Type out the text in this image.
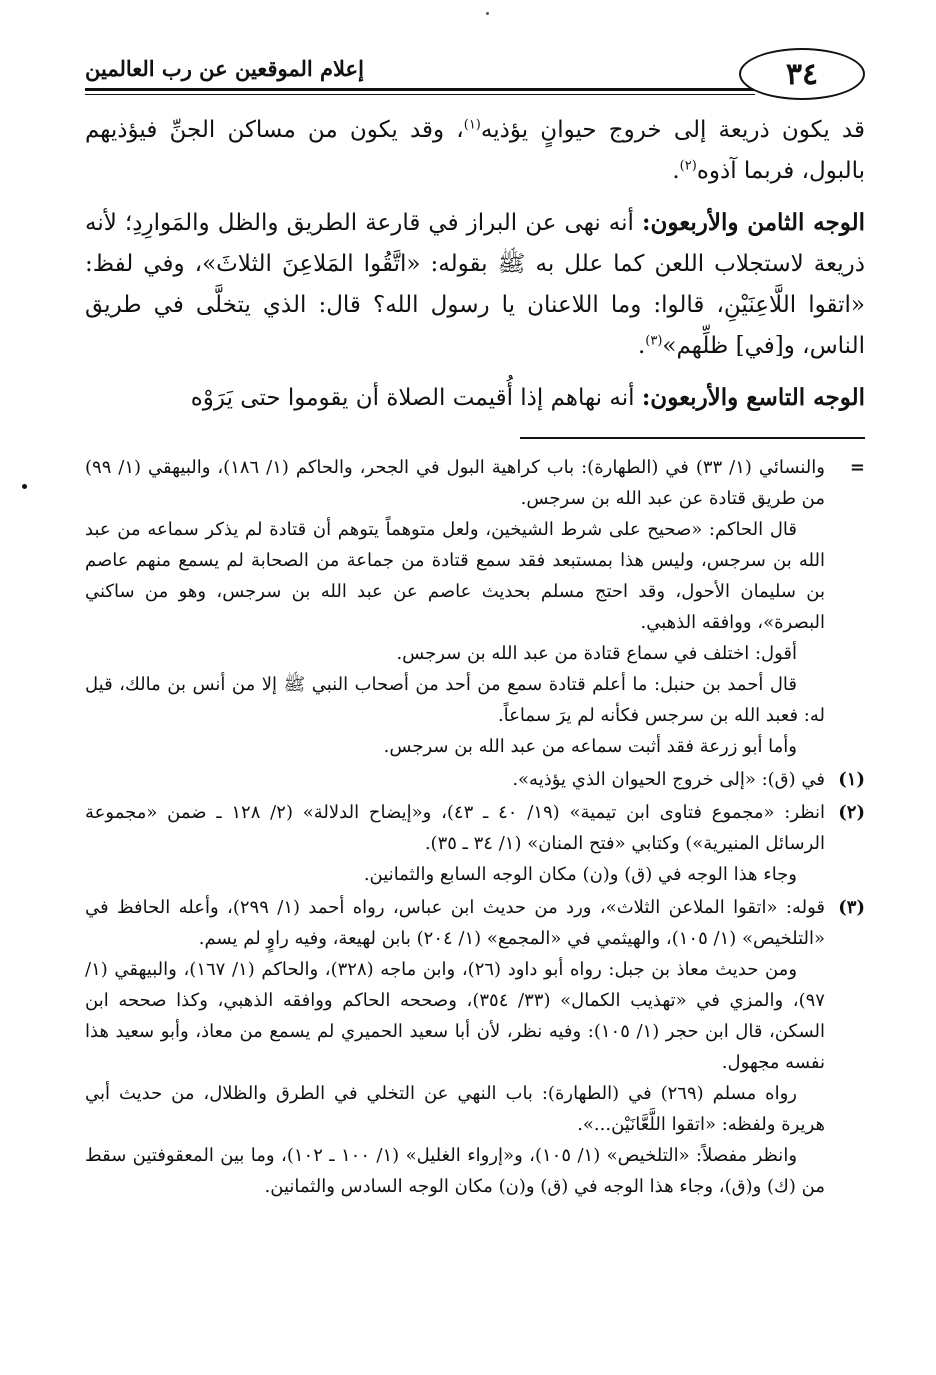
إعلام الموقعين عن رب العالمين	٣٤

قد يكون ذريعة إلى خروج حيوانٍ يؤذيه$^{(١)}$، وقد يكون من مساكن الجنِّ فيؤذيهم بالبول، فربما آذوه$^{(٢)}$.

الوجه الثامن والأربعون: أنه نهى عن البراز في قارعة الطريق والظل والمَوارِدِ؛ لأنه ذريعة لاستجلاب اللعن كما علل به ﷺ بقوله: «اتَّقُوا المَلاعِنَ الثلاثَ»، وفي لفظ: «اتقوا اللَّاعِنَيْنِ، قالوا: وما اللاعنان يا رسول الله؟ قال: الذي يتخلَّى في طريق الناس، و[في] ظلِّهم»$^{(٣)}$.

الوجه التاسع والأربعون: أنه نهاهم إذا أُقيمت الصلاة أن يقوموا حتى يَرَوْه

=

والنسائي (١/ ٣٣) في (الطهارة): باب كراهية البول في الجحر، والحاكم (١/ ١٨٦)، والبيهقي (١/ ٩٩) من طريق قتادة عن عبد الله بن سرجس.

قال الحاكم: «صحيح على شرط الشيخين، ولعل متوهماً يتوهم أن قتادة لم يذكر سماعه من عبد الله بن سرجس، وليس هذا بمستبعد فقد سمع قتادة من جماعة من الصحابة لم يسمع منهم عاصم بن سليمان الأحول، وقد احتج مسلم بحديث عاصم عن عبد الله بن سرجس، وهو من ساكني البصرة»، ووافقه الذهبي.

أقول: اختلف في سماع قتادة من عبد الله بن سرجس.

قال أحمد بن حنبل: ما أعلم قتادة سمع من أحد من أصحاب النبي ﷺ إلا من أنس بن مالك، قيل له: فعبد الله بن سرجس فكأنه لم يرَ سماعاً.

وأما أبو زرعة فقد أثبت سماعه من عبد الله بن سرجس.

(١)

في (ق): «إلى خروج الحيوان الذي يؤذيه».

(٢)

انظر: «مجموع فتاوى ابن تيمية» (١٩/ ٤٠ ـ ٤٣)، و«إيضاح الدلالة» (٢/ ١٢٨ ـ ضمن «مجموعة الرسائل المنيرية») وكتابي «فتح المنان» (١/ ٣٤ ـ ٣٥).

وجاء هذا الوجه في (ق) و(ن) مكان الوجه السابع والثمانين.

(٣)

قوله: «اتقوا الملاعن الثلاث»، ورد من حديث ابن عباس، رواه أحمد (١/ ٢٩٩)، وأعله الحافظ في «التلخيص» (١/ ١٠٥)، والهيثمي في «المجمع» (١/ ٢٠٤) بابن لهيعة، وفيه راوٍ لم يسم.

ومن حديث معاذ بن جبل: رواه أبو داود (٢٦)، وابن ماجه (٣٢٨)، والحاكم (١/ ١٦٧)، والبيهقي (١/ ٩٧)، والمزي في «تهذيب الكمال» (٣٣/ ٣٥٤)، وصححه الحاكم ووافقه الذهبي، وكذا صححه ابن السكن، قال ابن حجر (١/ ١٠٥): وفيه نظر، لأن أبا سعيد الحميري لم يسمع من معاذ، وأبو سعيد هذا نفسه مجهول.

رواه مسلم (٢٦٩) في (الطهارة): باب النهي عن التخلي في الطرق والظلال، من حديث أبي هريرة ولفظه: «اتقوا اللَّعَّانَيْن...».

وانظر مفصلاً: «التلخيص» (١/ ١٠٥)، و«إرواء الغليل» (١/ ١٠٠ ـ ١٠٢)، وما بين المعقوفتين سقط من (ك) و(ق)، وجاء هذا الوجه في (ق) و(ن) مكان الوجه السادس والثمانين.
